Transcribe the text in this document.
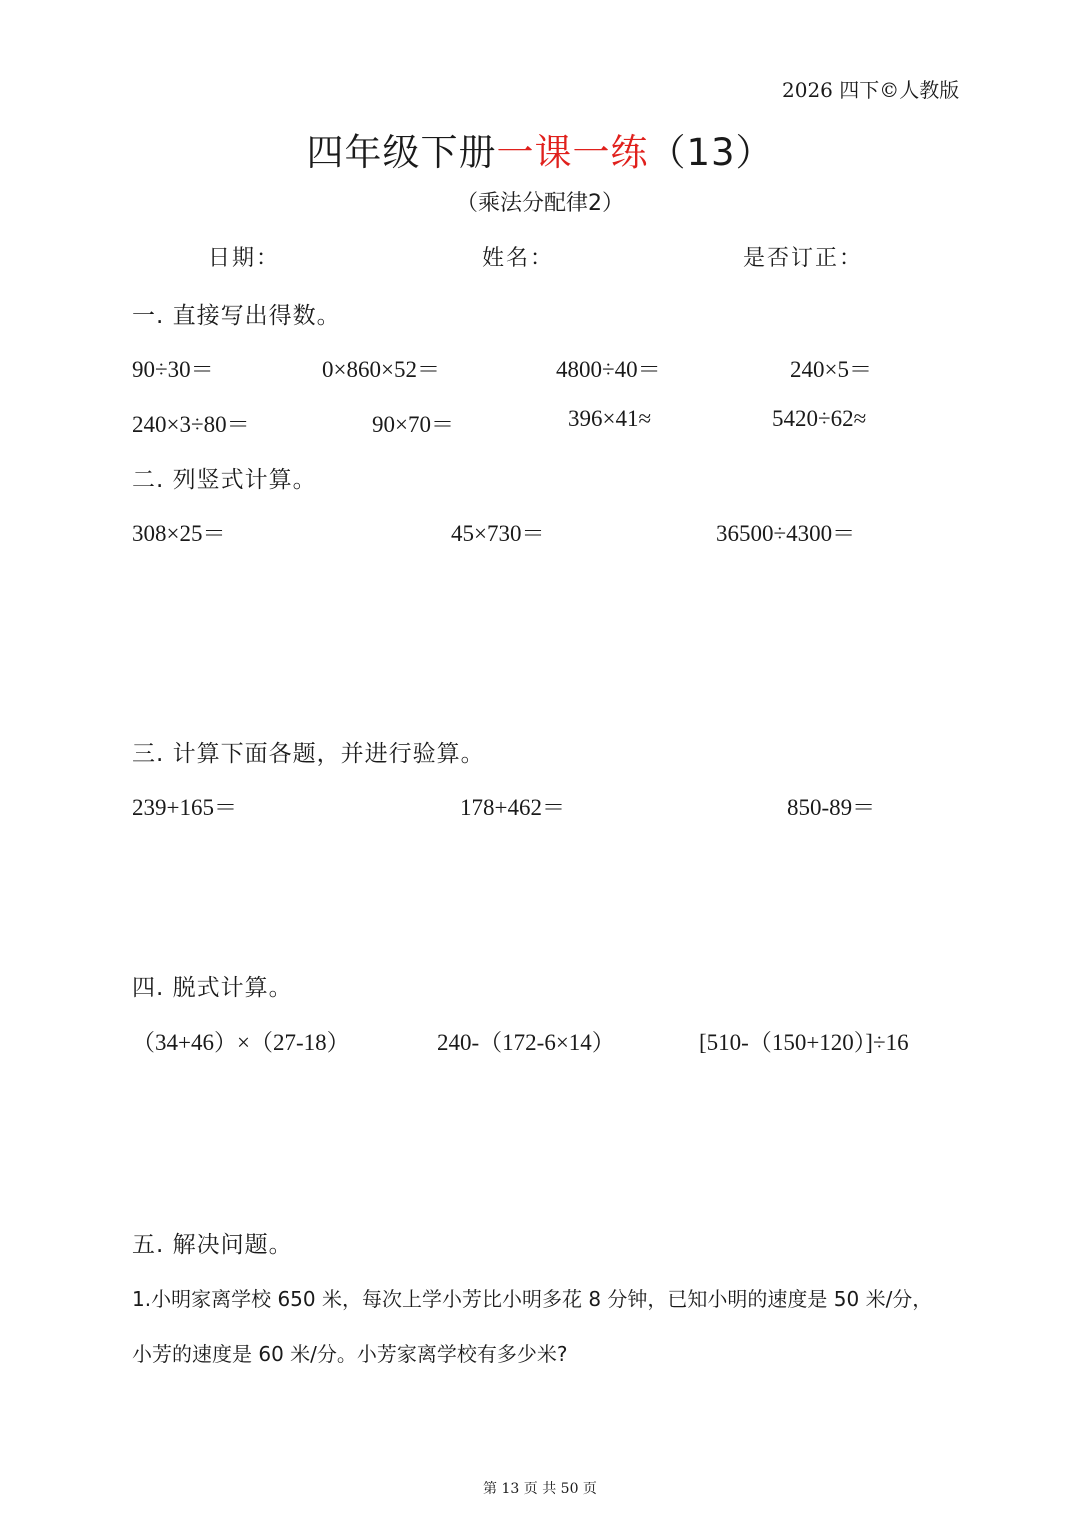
2026 四下©人教版
四年级下册一课一练（13）
（乘法分配律2）
日期：	姓名：	是否订正：
一. 直接写出得数。
90÷30＝	0×860×52＝	4800÷40＝	240×5＝
240×3÷80＝	90×70＝	396×41≈	5420÷62≈
二. 列竖式计算。
308×25＝	45×730＝	36500÷4300＝
三. 计算下面各题，并进行验算。
239+165＝	178+462＝	850-89＝
四. 脱式计算。
（34+46）×（27-18）	240-（172-6×14）	[510-（150+120）]÷16
五. 解决问题。
1.小明家离学校 650 米，每次上学小芳比小明多花 8 分钟，已知小明的速度是 50 米/分，
小芳的速度是 60 米/分。小芳家离学校有多少米?
第 13 页 共 50 页
